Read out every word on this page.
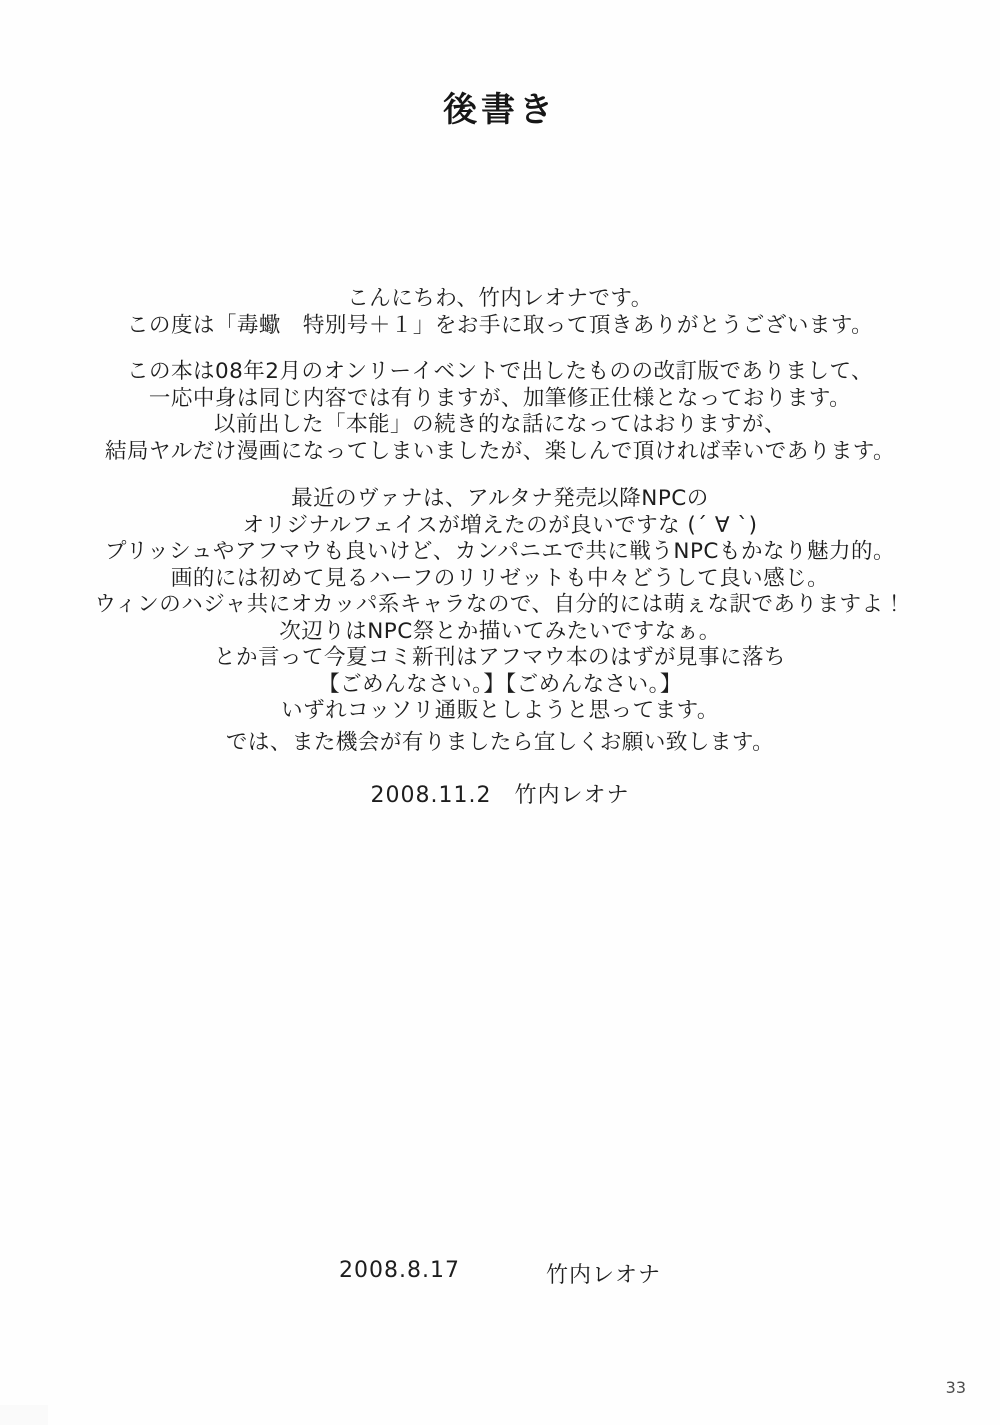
後書き

こんにちわ、竹内レオナです。

この度は「毒蠍　特別号＋１」をお手に取って頂きありがとうございます。

この本は08年2月のオンリーイベントで出したものの改訂版でありまして、

一応中身は同じ内容では有りますが、加筆修正仕様となっております。

以前出した「本能」の続き的な話になってはおりますが、

結局ヤルだけ漫画になってしまいましたが、楽しんで頂ければ幸いであります。

最近のヴァナは、アルタナ発売以降NPCの

オリジナルフェイスが増えたのが良いですな (´ ∀ `)

プリッシュやアフマウも良いけど、カンパニエで共に戦うNPCもかなり魅力的。

画的には初めて見るハーフのリリゼットも中々どうして良い感じ。

ウィンのハジャ共にオカッパ系キャラなので、自分的には萌ぇな訳でありますよ！

次辺りはNPC祭とか描いてみたいですなぁ。

とか言って今夏コミ新刊はアフマウ本のはずが見事に落ち

【ごめんなさい。】【ごめんなさい。】

いずれコッソリ通販としようと思ってます。

では、また機会が有りましたら宜しくお願い致します。

2008.11.2　竹内レオナ
2008.8.17	竹内レオナ
33
